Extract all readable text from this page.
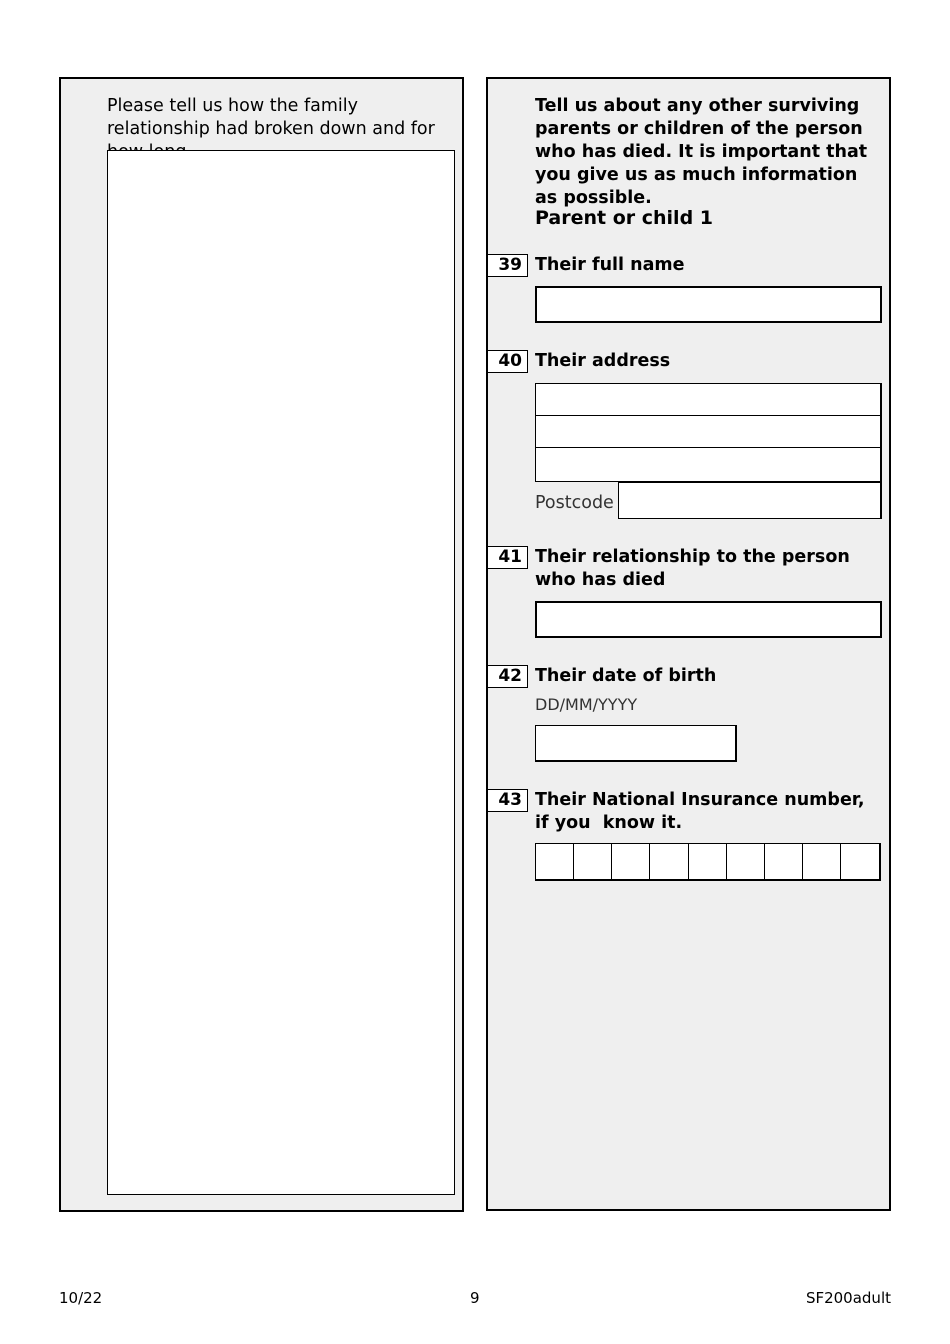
Please tell us how the family relationship had broken down and for
Tell us about any other surviving parents or children of the person who has died. It is important that you give us as much information as possible.
Parent or child 1
39 Their full name
40 Their address
Postcode
41 Their relationship to the person who has died
42 Their date of birth
DD/MM/YYYY
43 Their National Insurance number, if you  know it.
10/22	9	SF200adult
